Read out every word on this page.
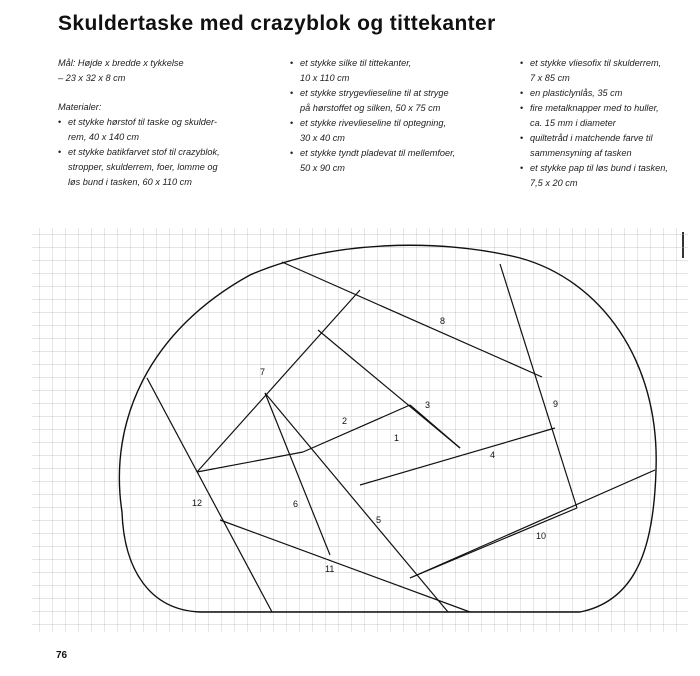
Skuldertaske med crazyblok og tittekanter
Mål: Højde x bredde x tykkelse
– 23 x 32 x 8 cm
Materialer:
• et stykke hørstof til taske og skulder-
rem, 40 x 140 cm
• et stykke batikfarvet stof til crazyblok,
stropper, skulderrem, foer, lomme og
løs bund i tasken, 60 x 110 cm
• et stykke silke til tittekanter,
10 x 110 cm
• et stykke strygevlieseline til at stryge
på hørstoffet og silken, 50 x 75 cm
• et stykke rivevlieseline til optegning,
30 x 40 cm
• et stykke tyndt pladevat til mellemfoer,
50 x 90 cm
• et stykke vliesofix til skulderrem,
7 x 85 cm
• en plasticlynlås, 35 cm
• fire metalknapper med to huller,
ca. 15 mm i diameter
• quiltetråd i matchende farve til
sammensyning af tasken
• et stykke pap til løs bund i tasken,
7,5 x 20 cm
1
2
3
4
5
6
7
8
9
10
11
12
76
